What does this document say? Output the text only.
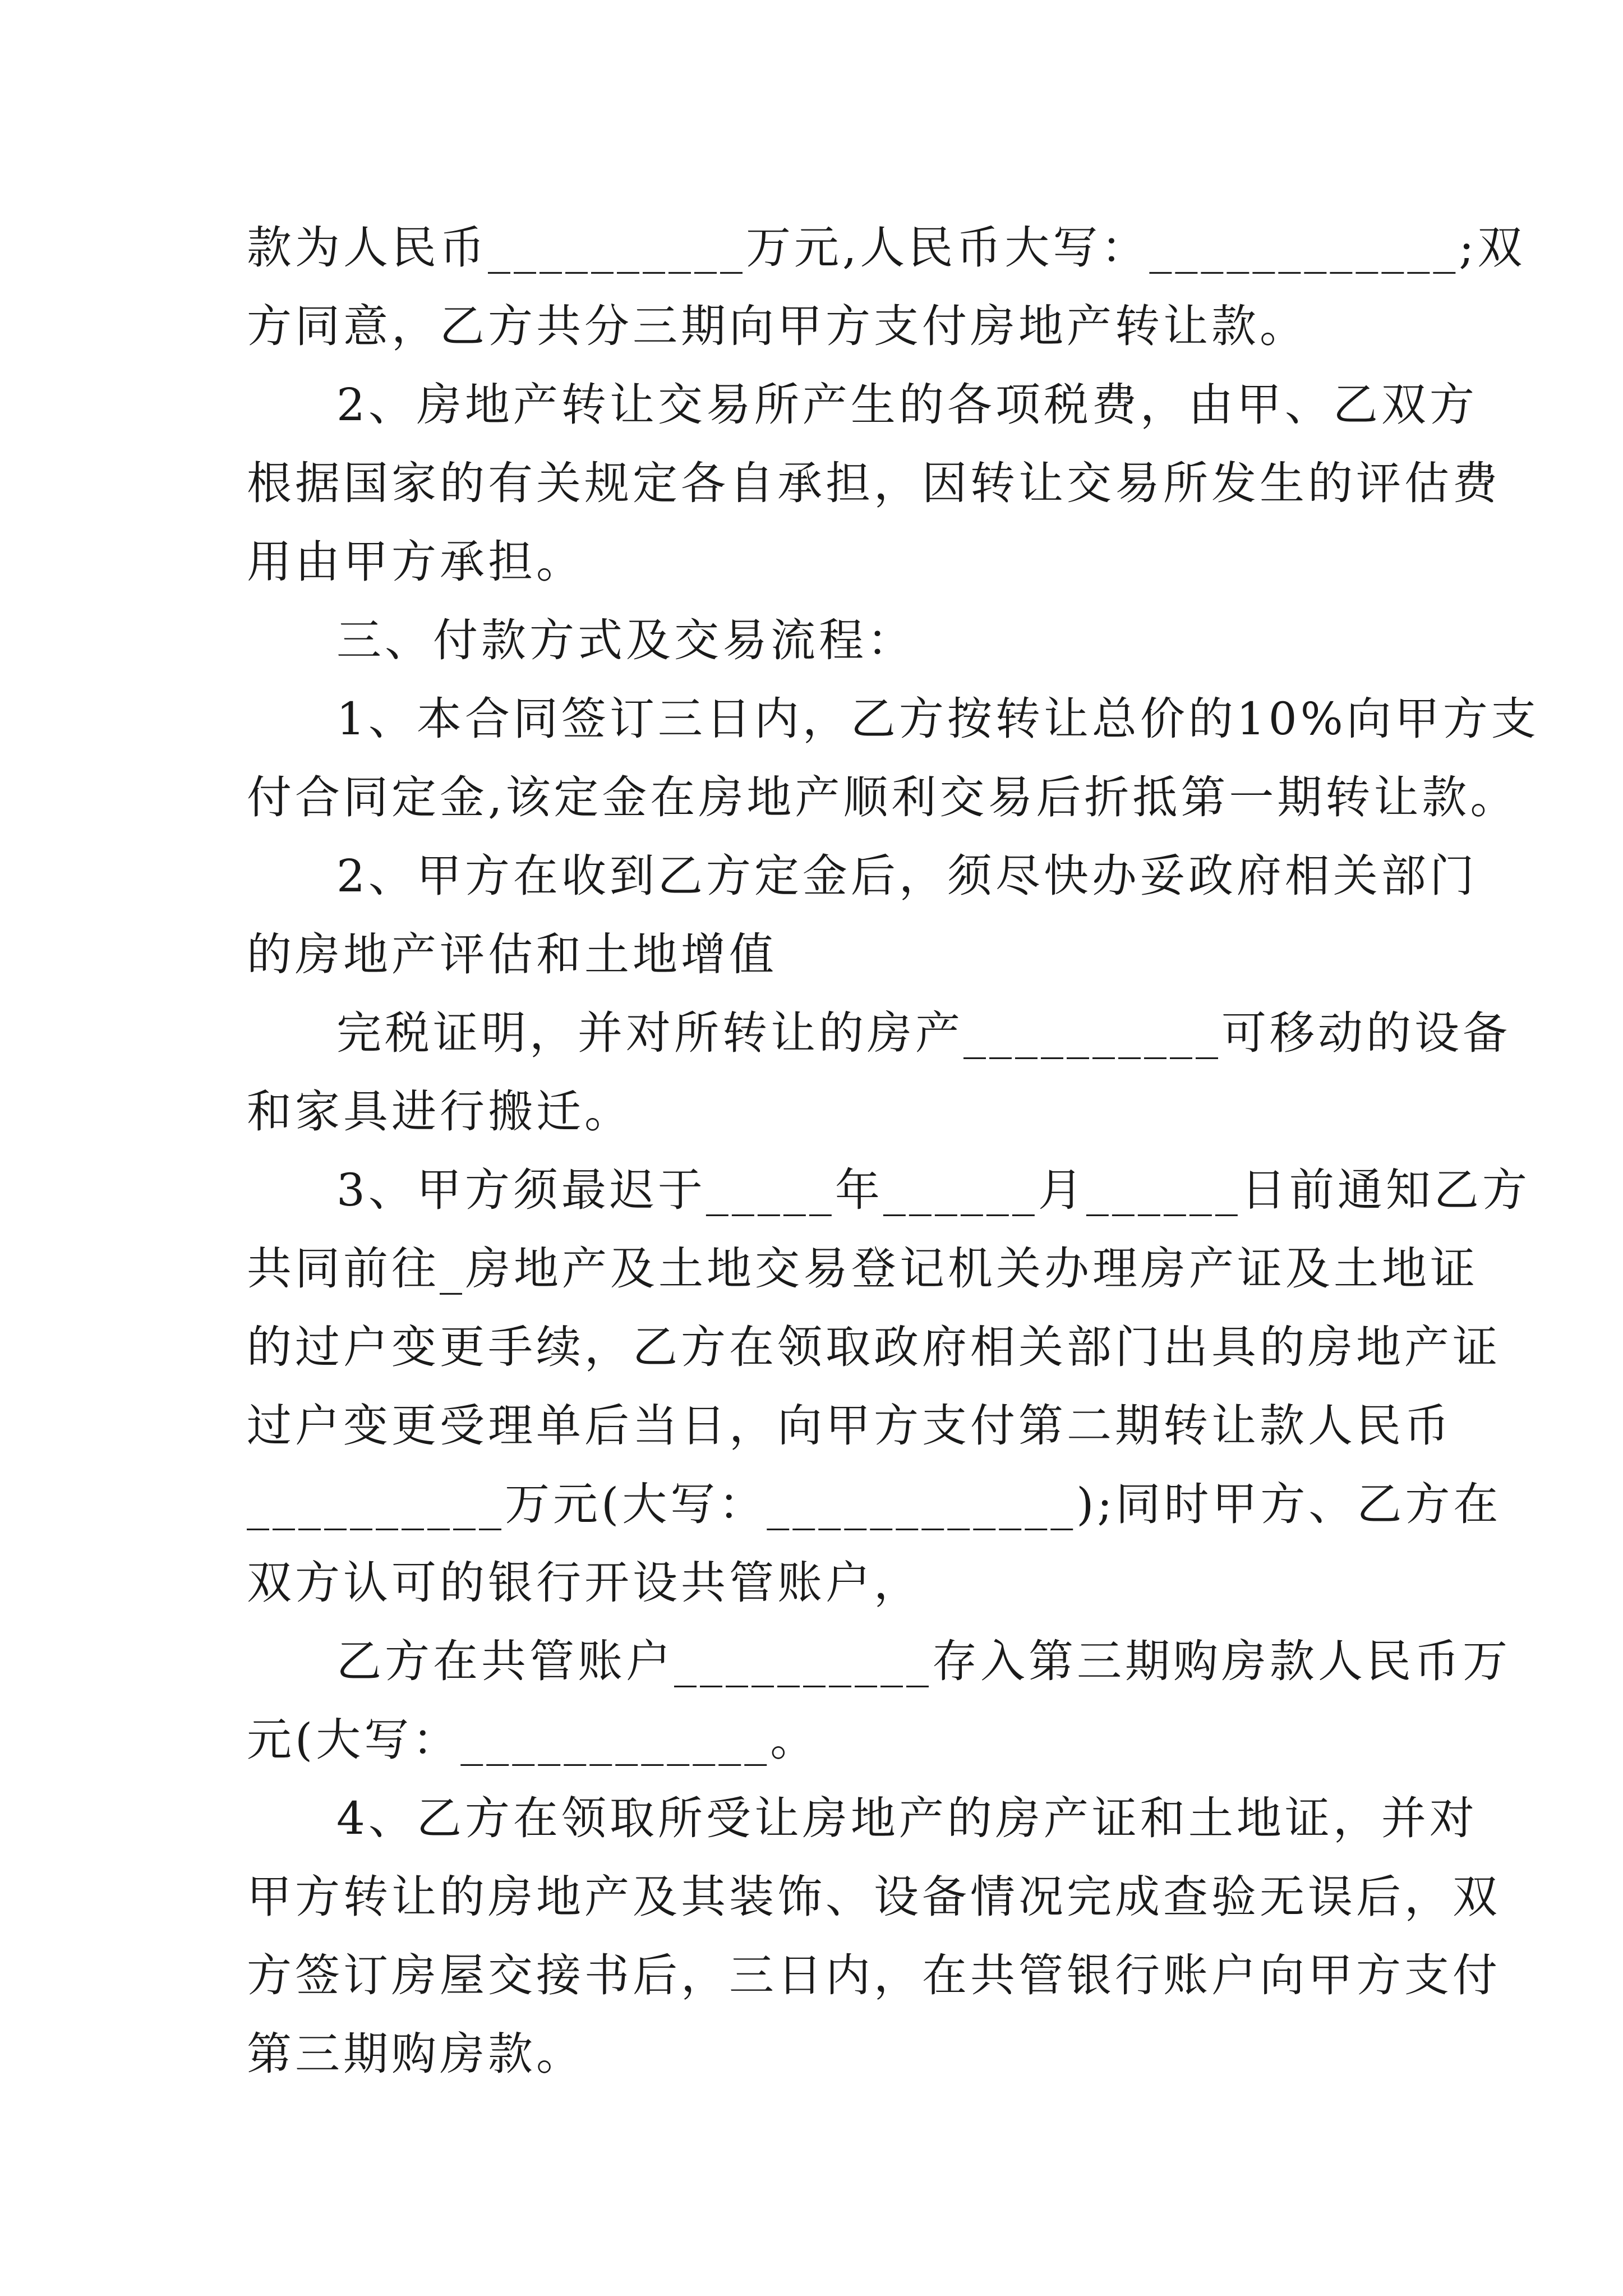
款为人民币__________万元,人民币大写：____________;双
方同意，乙方共分三期向甲方支付房地产转让款。
2、房地产转让交易所产生的各项税费，由甲、乙双方
根据国家的有关规定各自承担，因转让交易所发生的评估费
用由甲方承担。
三、付款方式及交易流程：
1、本合同签订三日内，乙方按转让总价的10%向甲方支
付合同定金,该定金在房地产顺利交易后折抵第一期转让款。
2、甲方在收到乙方定金后，须尽快办妥政府相关部门
的房地产评估和土地增值
完税证明，并对所转让的房产__________可移动的设备
和家具进行搬迁。
3、甲方须最迟于_____年______月______日前通知乙方
共同前往_房地产及土地交易登记机关办理房产证及土地证
的过户变更手续，乙方在领取政府相关部门出具的房地产证
过户变更受理单后当日，向甲方支付第二期转让款人民币
__________万元(大写：____________);同时甲方、乙方在
双方认可的银行开设共管账户，
乙方在共管账户__________存入第三期购房款人民币万
元(大写：____________。
4、乙方在领取所受让房地产的房产证和土地证，并对
甲方转让的房地产及其装饰、设备情况完成查验无误后，双
方签订房屋交接书后，三日内，在共管银行账户向甲方支付
第三期购房款。
